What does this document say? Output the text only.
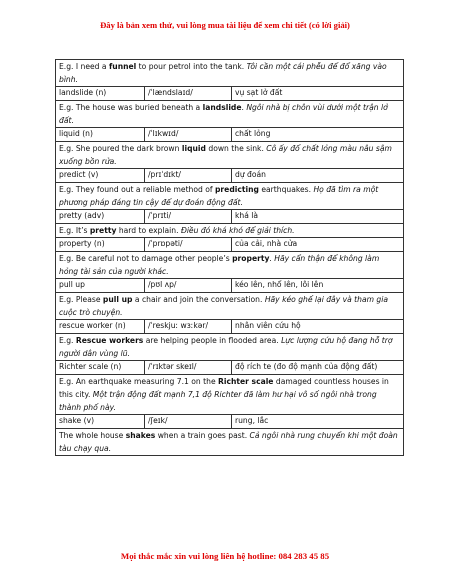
Đây là bản xem thử, vui lòng mua tài liệu để xem chi tiết (có lời giải)
E.g. I need a funnel to pour petrol into the tank. Tôi cần một cái phễu để đổ xăng vào bình.		
landslide (n)	/ˈlændslaɪd/	vụ sạt lở đất
E.g. The house was buried beneath a landslide. Ngôi nhà bị chôn vùi dưới một trận lở đất.		
liquid (n)	/ˈlɪkwɪd/	chất lỏng
E.g. She poured the dark brown liquid down the sink. Cô ấy đổ chất lỏng màu nâu sậm xuống bồn rửa.		
predict (v)	/prɪˈdɪkt/	dự đoán
E.g. They found out a reliable method of predicting earthquakes. Họ đã tìm ra một phương pháp đáng tin cậy để dự đoán động đất.		
pretty (adv)	/ˈprɪti/	khá là
E.g. It’s pretty hard to explain. Điều đó khá khó để giải thích.		
property (n)	/ˈprɒpəti/	của cải, nhà cửa
E.g. Be careful not to damage other people’s property. Hãy cẩn thận để không làm hỏng tài sản của người khác.		
pull up	/pʊl ʌp/	kéo lên, nhổ lên, lôi lên
E.g. Please pull up a chair and join the conversation. Hãy kéo ghế lại đây và tham gia cuộc trò chuyện.		
rescue worker (n)	/ˈreskjuː wɜːkər/	nhân viên cứu hộ
E.g. Rescue workers are helping people in flooded area. Lực lượng cứu hộ đang hỗ trợ người dân vùng lũ.		
Richter scale (n)	/ˈrɪktər skeɪl/	độ rích te (đo độ mạnh của động đất)
E.g. An earthquake measuring 7.1 on the Richter scale damaged countless houses in this city. Một trận động đất mạnh 7,1 độ Richter đã làm hư hại vô số ngôi nhà trong thành phố này.		
shake (v)	/ʃeɪk/	rung, lắc
The whole house shakes when a train goes past. Cả ngôi nhà rung chuyển khi một đoàn tàu chạy qua.		
Mọi thắc mắc xin vui lòng liên hệ hotline: 084 283 45 85
